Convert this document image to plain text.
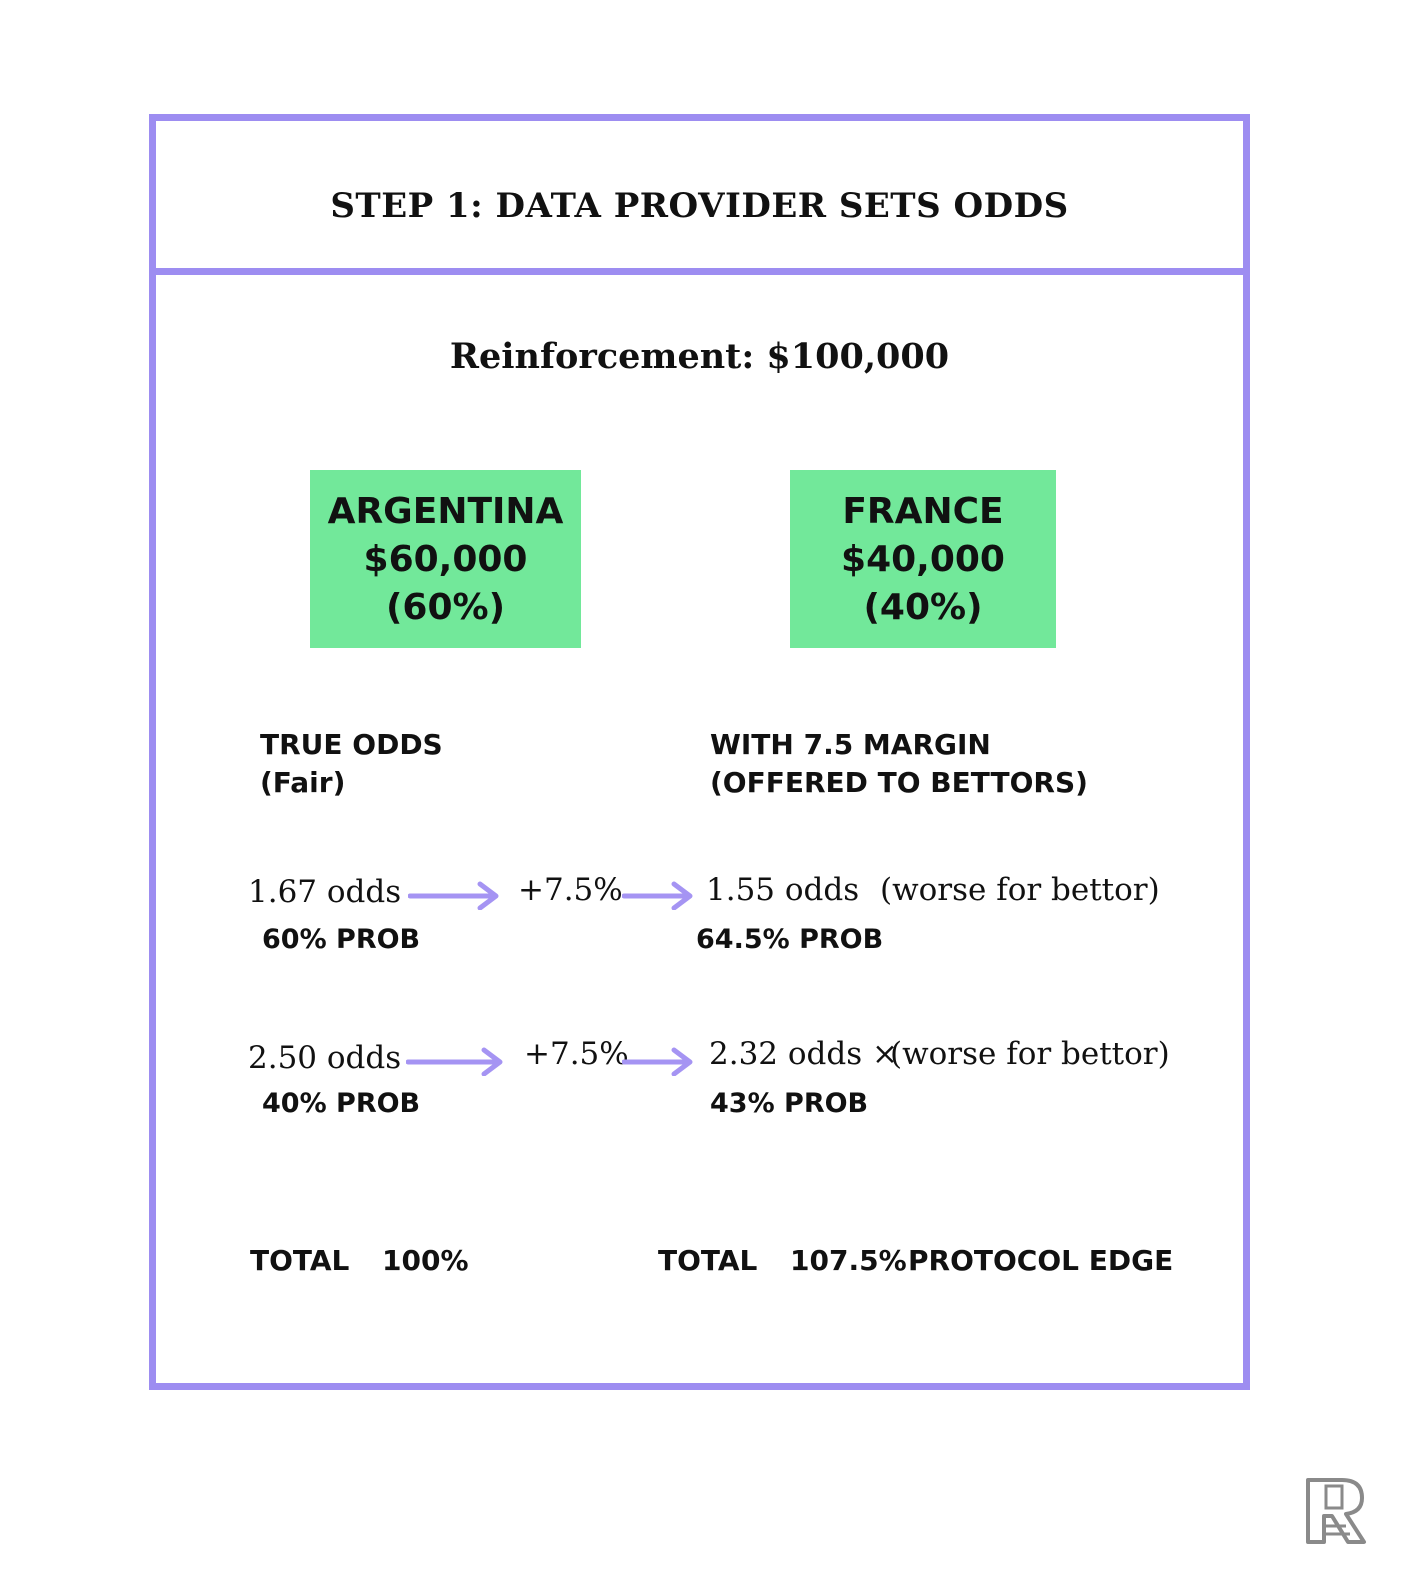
STEP 1: DATA PROVIDER SETS ODDS
Reinforcement: $100,000
ARGENTINA
$60,000
(60%)
FRANCE
$40,000
(40%)
TRUE ODDS
(Fair)
WITH 7.5 MARGIN
(OFFERED TO BETTORS)
1.67 odds	+7.5%	1.55 odds (worse for bettor)
60% PROB	64.5% PROB
2.50 odds	+7.5%	2.32 odds ×
(worse for bettor)
40% PROB	43% PROB
TOTAL 100%	TOTAL 107.5% PROTOCOL EDGE
